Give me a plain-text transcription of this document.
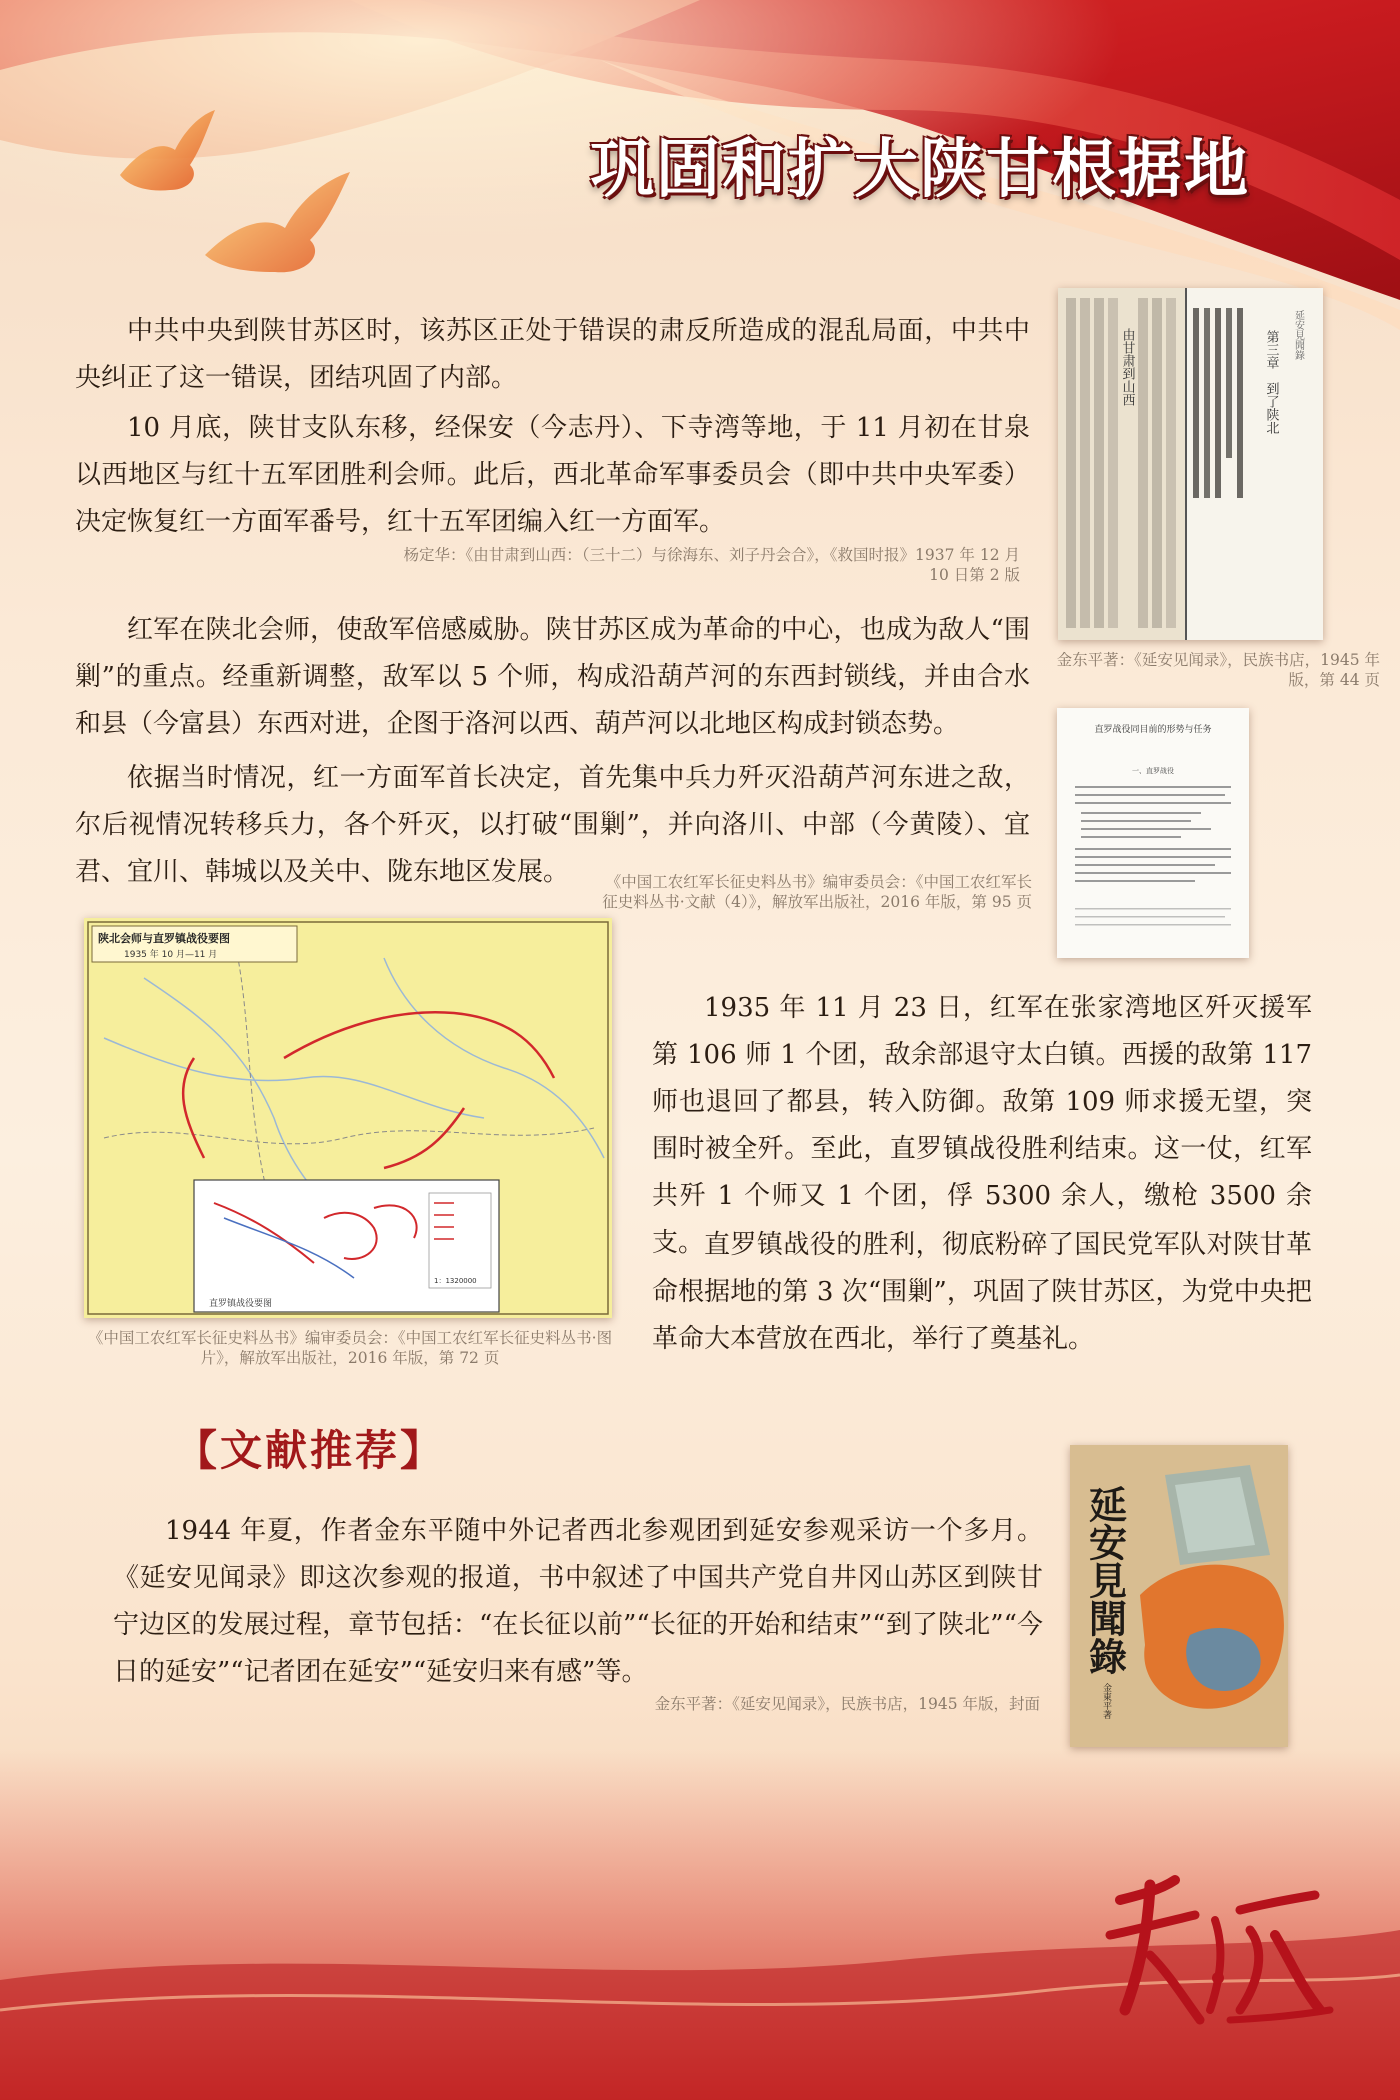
巩固和扩大陕甘根据地

中共中央到陕甘苏区时，该苏区正处于错误的肃反所造成的混乱局面，中共中央纠正了这一错误，团结巩固了内部。

10 月底，陕甘支队东移，经保安（今志丹）、下寺湾等地，于 11 月初在甘泉以西地区与红十五军团胜利会师。此后，西北革命军事委员会（即中共中央军委）决定恢复红一方面军番号，红十五军团编入红一方面军。

杨定华：《由甘肃到山西：（三十二）与徐海东、刘子丹会合》，《救国时报》1937 年 12 月 10 日第 2 版

红军在陕北会师，使敌军倍感威胁。陕甘苏区成为革命的中心，也成为敌人“围剿”的重点。经重新调整，敌军以 5 个师，构成沿葫芦河的东西封锁线，并由合水和县（今富县）东西对进，企图于洛河以西、葫芦河以北地区构成封锁态势。

依据当时情况，红一方面军首长决定，首先集中兵力歼灭沿葫芦河东进之敌，尔后视情况转移兵力，各个歼灭，以打破“围剿”，并向洛川、中部（今黄陵）、宜君、宜川、韩城以及关中、陇东地区发展。	《中国工农红军长征史料丛书》编审委员会：《中国工农红军长征史料丛书·文献（4）》，解放军出版社，2016 年版，第 95 页

由甘肃到山西	第三章　到了陕北 延安見聞錄

金东平著：《延安见闻录》，民族书店，1945 年版，第 44 页

直罗战役同目前的形势与任务
一、直罗战役
陕北会师与直罗镇战役要图
1935 年 10 月—11 月
1：1320000
直罗镇战役要图

《中国工农红军长征史料丛书》编审委员会：《中国工农红军长征史料丛书·图片》，解放军出版社，2016 年版，第 72 页

1935 年 11 月 23 日，红军在张家湾地区歼灭援军第 106 师 1 个团，敌余部退守太白镇。西援的敌第 117 师也退回了都县，转入防御。敌第 109 师求援无望，突围时被全歼。至此，直罗镇战役胜利结束。这一仗，红军共歼 1 个师又 1 个团，俘 5300 余人，缴枪 3500 余支。 直罗镇战役的胜利，彻底粉碎了国民党军队对陕甘革命根据地的第 3 次“围剿”，巩固了陕甘苏区，为党中央把革命大本营放在西北，举行了奠基礼。

【文献推荐】

1944 年夏，作者金东平随中外记者西北参观团到延安参观采访一个多月。《延安见闻录》即这次参观的报道，书中叙述了中国共产党自井冈山苏区到陕甘宁边区的发展过程，章节包括：“在长征以前”“长征的开始和结束”“到了陕北”“今日的延安”“记者团在延安”“延安归来有感”等。

金东平著：《延安见闻录》，民族书店，1945 年版，封面

延安見聞錄
金東平著
